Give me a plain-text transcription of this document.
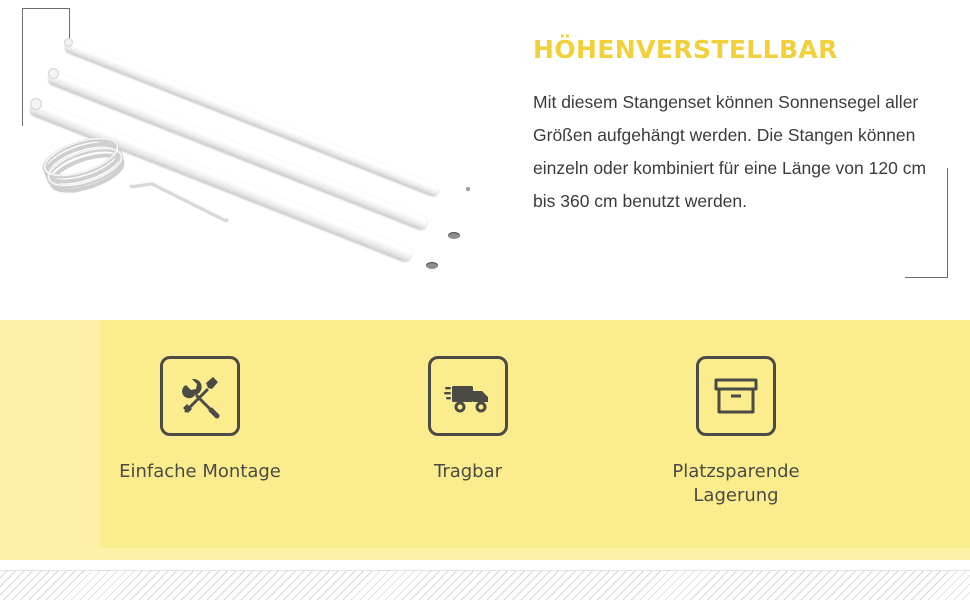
HÖHENVERSTELLBAR

Mit diesem Stangenset können Sonnensegel aller Größen aufgehängt werden. Die Stangen können einzeln oder kombiniert für eine Länge von 120 cm bis 360 cm benutzt werden.

Einfache Montage	Tragbar	Platzsparende Lagerung
